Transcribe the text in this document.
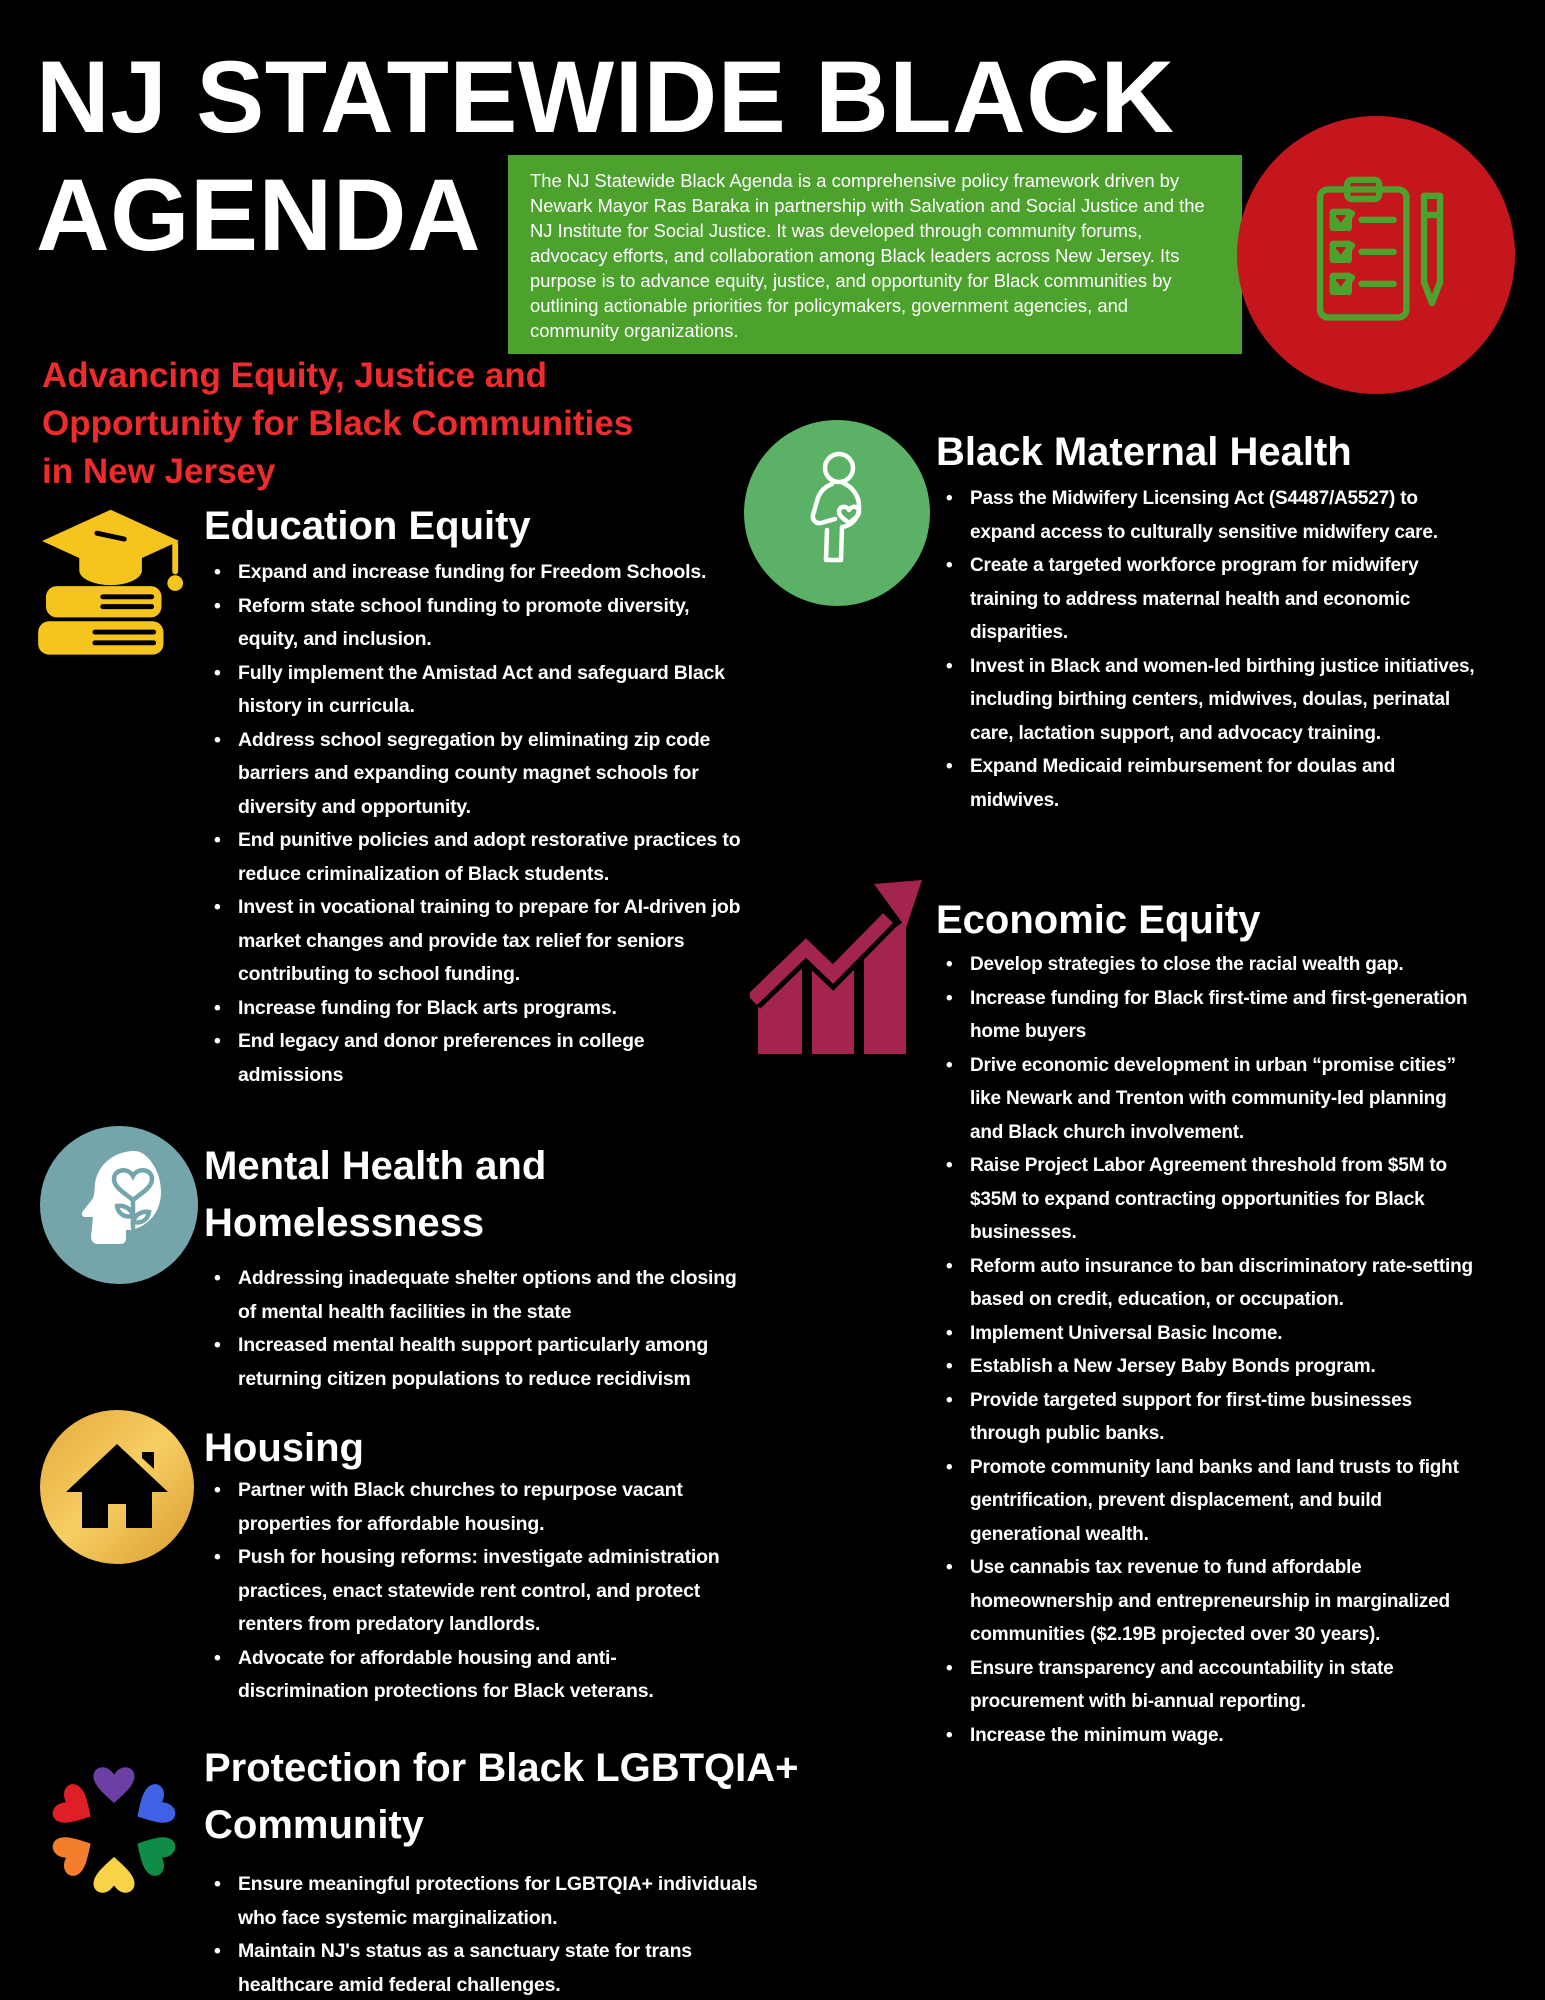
NJ STATEWIDE BLACK AGENDA	The NJ Statewide Black Agenda is a comprehensive policy framework driven by Newark Mayor Ras Baraka in partnership with Salvation and Social Justice and the NJ Institute for Social Justice. It was developed through community forums, advocacy efforts, and collaboration among Black leaders across New Jersey. Its purpose is to advance equity, justice, and opportunity for Black communities by outlining actionable priorities for policymakers, government agencies, and community organizations.
Advancing Equity, Justice and Opportunity for Black Communities in New Jersey
Education Equity
• Expand and increase funding for Freedom Schools.
• Reform state school funding to promote diversity, equity, and inclusion.
• Fully implement the Amistad Act and safeguard Black history in curricula.
• Address school segregation by eliminating zip code barriers and expanding county magnet schools for diversity and opportunity.
• End punitive policies and adopt restorative practices to reduce criminalization of Black students.
• Invest in vocational training to prepare for AI-driven job market changes and provide tax relief for seniors contributing to school funding.
• Increase funding for Black arts programs.
• End legacy and donor preferences in college admissions
Mental Health and Homelessness
• Addressing inadequate shelter options and the closing of mental health facilities in the state
• Increased mental health support particularly among returning citizen populations to reduce recidivism
Housing
• Partner with Black churches to repurpose vacant properties for affordable housing.
• Push for housing reforms: investigate administration practices, enact statewide rent control, and protect renters from predatory landlords.
• Advocate for affordable housing and anti-discrimination protections for Black veterans.
Protection for Black LGBTQIA+ Community
• Ensure meaningful protections for LGBTQIA+ individuals who face systemic marginalization.
• Maintain NJ's status as a sanctuary state for trans healthcare amid federal challenges.
Black Maternal Health
• Pass the Midwifery Licensing Act (S4487/A5527) to expand access to culturally sensitive midwifery care.
• Create a targeted workforce program for midwifery training to address maternal health and economic disparities.
• Invest in Black and women-led birthing justice initiatives, including birthing centers, midwives, doulas, perinatal care, lactation support, and advocacy training.
• Expand Medicaid reimbursement for doulas and midwives.
Economic Equity
• Develop strategies to close the racial wealth gap.
• Increase funding for Black first-time and first-generation home buyers
• Drive economic development in urban “promise cities” like Newark and Trenton with community-led planning and Black church involvement.
• Raise Project Labor Agreement threshold from $5M to $35M to expand contracting opportunities for Black businesses.
• Reform auto insurance to ban discriminatory rate-setting based on credit, education, or occupation.
• Implement Universal Basic Income.
• Establish a New Jersey Baby Bonds program.
• Provide targeted support for first-time businesses through public banks.
• Promote community land banks and land trusts to fight gentrification, prevent displacement, and build generational wealth.
• Use cannabis tax revenue to fund affordable homeownership and entrepreneurship in marginalized communities ($2.19B projected over 30 years).
• Ensure transparency and accountability in state procurement with bi-annual reporting.
• Increase the minimum wage.
